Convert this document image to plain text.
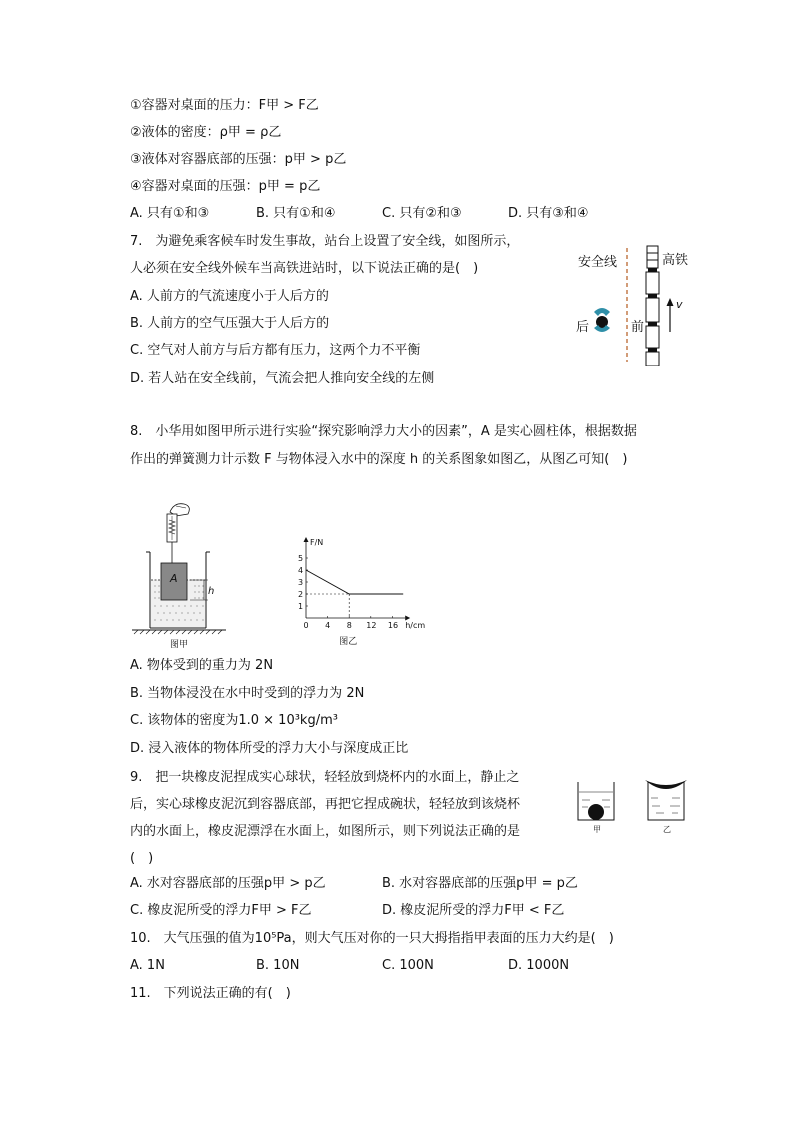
①容器对桌面的压力：F甲 > F乙
②液体的密度：ρ甲 = ρ乙
③液体对容器底部的压强：p甲 > p乙
④容器对桌面的压强：p甲 = p乙
A. 只有①和③	B. 只有①和④	C. 只有②和③	D. 只有③和④
7.　为避免乘客候车时发生事故，站台上设置了安全线，如图所示，
人必须在安全线外候车当高铁进站时，以下说法正确的是(　)
A. 人前方的气流速度小于人后方的
B. 人前方的空气压强大于人后方的
C. 空气对人前方与后方都有压力，这两个力不平衡
D. 若人站在安全线前，气流会把人推向安全线的左侧
安全线
后	前
高铁
v
8.　小华用如图甲所示进行实验“探究影响浮力大小的因素”，A 是实心圆柱体，根据数据
作出的弹簧测力计示数 F 与物体浸入水中的深度 h 的关系图象如图乙，从图乙可知(　)
A
h
图甲
F/N
h/cm
0 4 8 12 16
1
2
3
4
5
图乙
A. 物体受到的重力为 2N
B. 当物体浸没在水中时受到的浮力为 2N
C. 该物体的密度为1.0 × 10³kg/m³
D. 浸入液体的物体所受的浮力大小与深度成正比
9.　把一块橡皮泥捏成实心球状，轻轻放到烧杯内的水面上，静止之
后，实心球橡皮泥沉到容器底部，再把它捏成碗状，轻轻放到该烧杯
内的水面上，橡皮泥漂浮在水面上，如图所示，则下列说法正确的是
(　)
甲	乙
A. 水对容器底部的压强p甲 > p乙	B. 水对容器底部的压强p甲 = p乙
C. 橡皮泥所受的浮力F甲 > F乙	D. 橡皮泥所受的浮力F甲 < F乙
10.　大气压强的值为10⁵Pa，则大气压对你的一只大拇指指甲表面的压力大约是(　)
A. 1N	B. 10N	C. 100N	D. 1000N
11.　下列说法正确的有(　)
